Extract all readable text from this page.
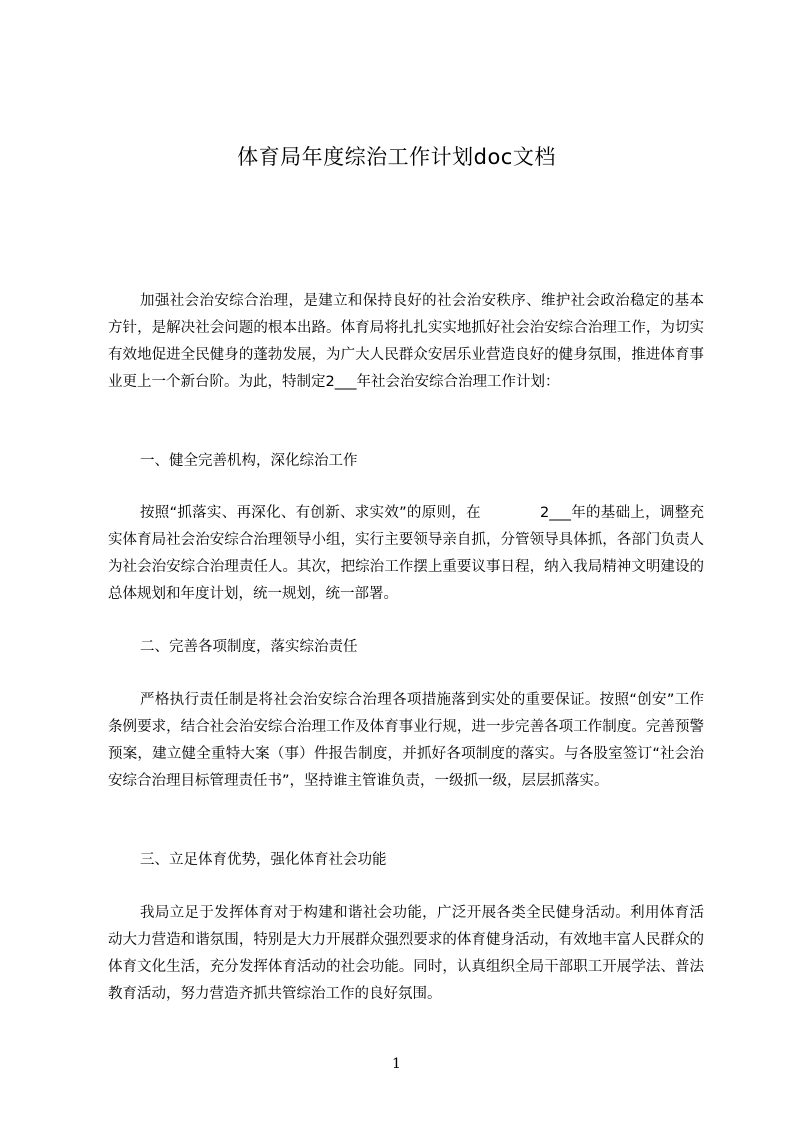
体育局年度综治工作计划doc文档

加强社会治安综合治理，是建立和保持良好的社会治安秩序、维护社会政治稳定的基本方针，是解决社会问题的根本出路。体育局将扎扎实实地抓好社会治安综合治理工作，为切实有效地促进全民健身的蓬勃发展，为广大人民群众安居乐业营造良好的健身氛围，推进体育事业更上一个新台阶。为此，特制定2___年社会治安综合治理工作计划：

一、健全完善机构，深化综治工作

按照“抓落实、再深化、有创新、求实效”的原则，在　　　　2___年的基础上，调整充实体育局社会治安综合治理领导小组，实行主要领导亲自抓，分管领导具体抓，各部门负责人为社会治安综合治理责任人。其次，把综治工作摆上重要议事日程，纳入我局精神文明建设的总体规划和年度计划，统一规划，统一部署。

二、完善各项制度，落实综治责任

严格执行责任制是将社会治安综合治理各项措施落到实处的重要保证。按照“创安”工作条例要求，结合社会治安综合治理工作及体育事业行规，进一步完善各项工作制度。完善预警预案，建立健全重特大案（事）件报告制度，并抓好各项制度的落实。与各股室签订“社会治安综合治理目标管理责任书”，坚持谁主管谁负责，一级抓一级，层层抓落实。

三、立足体育优势，强化体育社会功能

我局立足于发挥体育对于构建和谐社会功能，广泛开展各类全民健身活动。利用体育活动大力营造和谐氛围，特别是大力开展群众强烈要求的体育健身活动，有效地丰富人民群众的体育文化生活，充分发挥体育活动的社会功能。同时，认真组织全局干部职工开展学法、普法教育活动，努力营造齐抓共管综治工作的良好氛围。

1
